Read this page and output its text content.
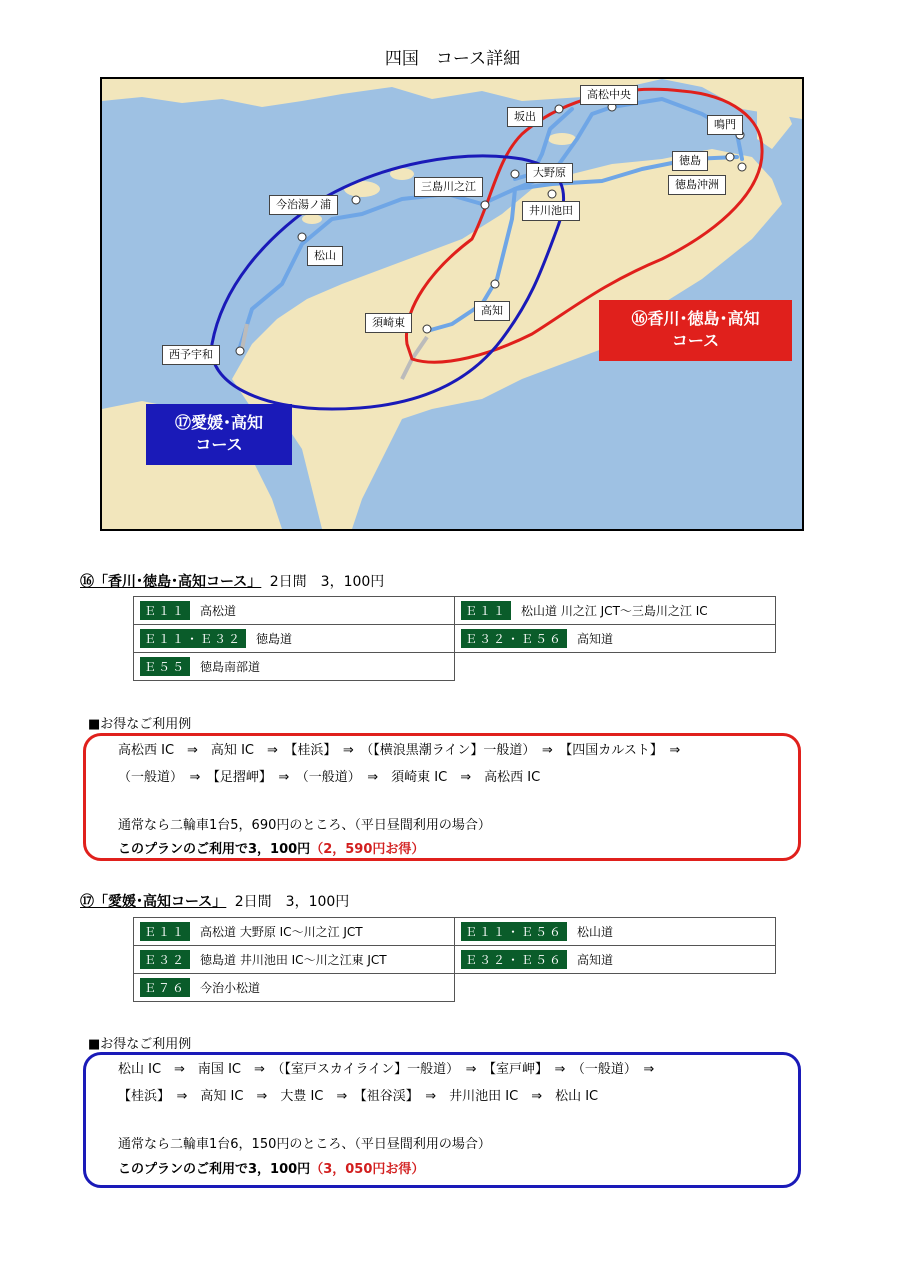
四国　コース詳細
高松中央
坂出
鳴門
大野原
徳島
三島川之江	徳島沖洲
今治湯ノ浦	井川池田
松山
高知
須崎東
西予宇和
⑯香川･徳島･高知
コース
⑰愛媛･高知
コース
⑯「香川･徳島･高知コース」 2日間　3，100円
Ｅ１１ 高松道	Ｅ１１ 松山道 川之江 JCT～三島川之江 IC
Ｅ１１・Ｅ３２ 徳島道	Ｅ３２・Ｅ５６ 高知道
Ｅ５５ 徳島南部道	
■お得なご利用例
高松西 IC　⇒　高知 IC　⇒　【桂浜】　⇒　（【横浪黒潮ライン】一般道）　⇒　【四国カルスト】　⇒
（一般道）　⇒　【足摺岬】　⇒　（一般道）　⇒　須崎東 IC　⇒　高松西 IC
通常なら二輪車1台5，690円のところ、（平日昼間利用の場合）
このプランのご利用で3，100円（2，590円お得）
⑰「愛媛･高知コース」 2日間　3，100円
Ｅ１１ 高松道 大野原 IC～川之江 JCT	Ｅ１１・Ｅ５６ 松山道
Ｅ３２ 徳島道 井川池田 IC～川之江東 JCT	Ｅ３２・Ｅ５６ 高知道
Ｅ７６ 今治小松道	
■お得なご利用例
松山 IC　⇒　南国 IC　⇒　（【室戸スカイライン】一般道）　⇒　【室戸岬】　⇒　（一般道）　⇒
【桂浜】　⇒　高知 IC　⇒　大豊 IC　⇒　【祖谷渓】　⇒　井川池田 IC　⇒　松山 IC
通常なら二輪車1台6，150円のところ、（平日昼間利用の場合）
このプランのご利用で3，100円（3，050円お得）
